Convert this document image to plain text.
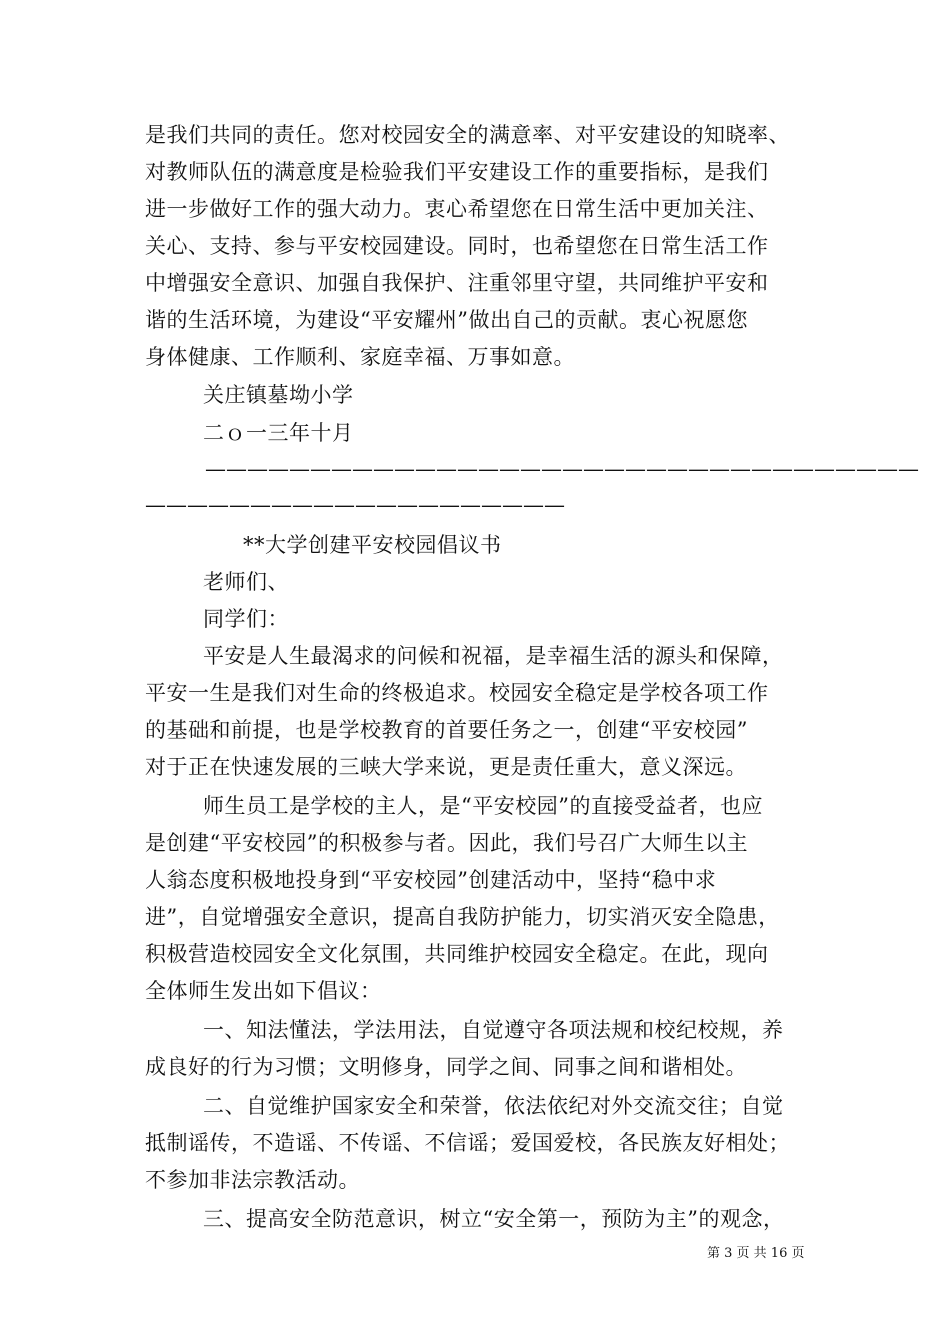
是我们共同的责任。您对校园安全的满意率、对平安建设的知晓率、
对教师队伍的满意度是检验我们平安建设工作的重要指标，是我们
进一步做好工作的强大动力。衷心希望您在日常生活中更加关注、
关心、支持、参与平安校园建设。同时，也希望您在日常生活工作
中增强安全意识、加强自我保护、注重邻里守望，共同维护平安和
谐的生活环境，为建设“平安耀州”做出自己的贡献。衷心祝愿您
身体健康、工作顺利、家庭幸福、万事如意。
关庄镇墓坳小学
二ｏ一三年十月
——————————————————————————————————
————————————————————
**大学创建平安校园倡议书
老师们、
同学们：
平安是人生最渴求的问候和祝福，是幸福生活的源头和保障，
平安一生是我们对生命的终极追求。校园安全稳定是学校各项工作
的基础和前提，也是学校教育的首要任务之一，创建“平安校园”
对于正在快速发展的三峡大学来说，更是责任重大，意义深远。
师生员工是学校的主人，是“平安校园”的直接受益者，也应
是创建“平安校园”的积极参与者。因此，我们号召广大师生以主
人翁态度积极地投身到“平安校园”创建活动中，坚持“稳中求
进”，自觉增强安全意识，提高自我防护能力，切实消灭安全隐患，
积极营造校园安全文化氛围，共同维护校园安全稳定。在此，现向
全体师生发出如下倡议：
一、知法懂法，学法用法，自觉遵守各项法规和校纪校规，养
成良好的行为习惯；文明修身，同学之间、同事之间和谐相处。
二、自觉维护国家安全和荣誉，依法依纪对外交流交往；自觉
抵制谣传，不造谣、不传谣、不信谣；爱国爱校，各民族友好相处；
不参加非法宗教活动。
三、提高安全防范意识，树立“安全第一，预防为主”的观念，
第 3 页 共 16 页
